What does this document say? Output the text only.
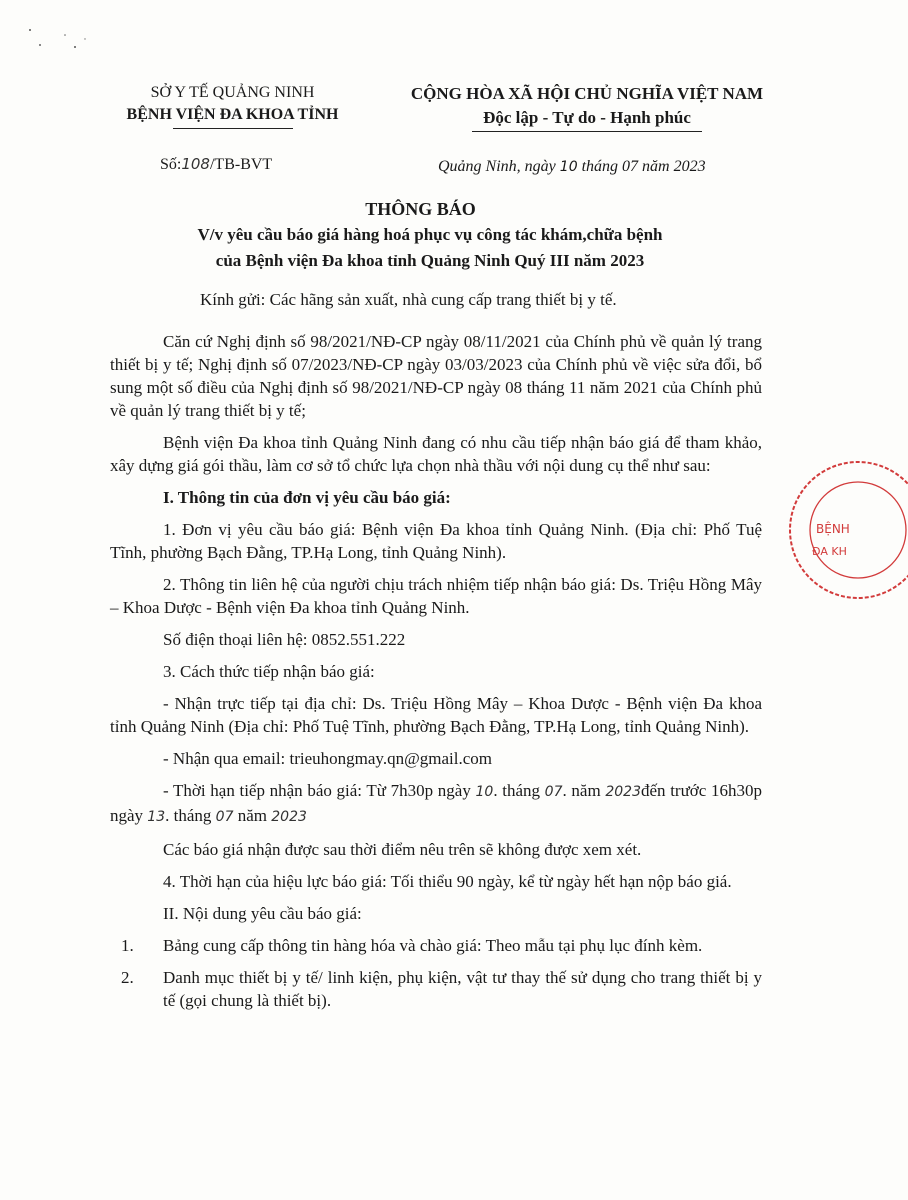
SỞ Y TẾ QUẢNG NINH
BỆNH VIỆN ĐA KHOA TỈNH
CỘNG HÒA XÃ HỘI CHỦ NGHĨA VIỆT NAM
Độc lập - Tự do - Hạnh phúc
Số:108/TB-BVT	Quảng Ninh, ngày 10 tháng 07 năm 2023
THÔNG BÁO
V/v yêu cầu báo giá hàng hoá phục vụ công tác khám,chữa bệnh
của Bệnh viện Đa khoa tỉnh Quảng Ninh Quý III năm 2023
Kính gửi: Các hãng sản xuất, nhà cung cấp trang thiết bị y tế.

Căn cứ Nghị định số 98/2021/NĐ-CP ngày 08/11/2021 của Chính phủ về quản lý trang thiết bị y tế; Nghị định số 07/2023/NĐ-CP ngày 03/03/2023 của Chính phủ về việc sửa đổi, bổ sung một số điều của Nghị định số 98/2021/NĐ-CP ngày 08 tháng 11 năm 2021 của Chính phủ về quản lý trang thiết bị y tế;

Bệnh viện Đa khoa tỉnh Quảng Ninh đang có nhu cầu tiếp nhận báo giá để tham khảo, xây dựng giá gói thầu, làm cơ sở tổ chức lựa chọn nhà thầu với nội dung cụ thể như sau:

I. Thông tin của đơn vị yêu cầu báo giá:

1. Đơn vị yêu cầu báo giá: Bệnh viện Đa khoa tỉnh Quảng Ninh. (Địa chỉ: Phố Tuệ Tĩnh, phường Bạch Đằng, TP.Hạ Long, tỉnh Quảng Ninh).

2. Thông tin liên hệ của người chịu trách nhiệm tiếp nhận báo giá: Ds. Triệu Hồng Mây – Khoa Dược - Bệnh viện Đa khoa tỉnh Quảng Ninh.

Số điện thoại liên hệ: 0852.551.222

3. Cách thức tiếp nhận báo giá:

- Nhận trực tiếp tại địa chỉ: Ds. Triệu Hồng Mây – Khoa Dược - Bệnh viện Đa khoa tỉnh Quảng Ninh (Địa chỉ: Phố Tuệ Tĩnh, phường Bạch Đằng, TP.Hạ Long, tỉnh Quảng Ninh).

- Nhận qua email: trieuhongmay.qn@gmail.com

- Thời hạn tiếp nhận báo giá: Từ 7h30p ngày 10. tháng 07. năm 2023đến trước 16h30p ngày 13. tháng 07 năm 2023

Các báo giá nhận được sau thời điểm nêu trên sẽ không được xem xét.

4. Thời hạn của hiệu lực báo giá: Tối thiểu 90 ngày, kể từ ngày hết hạn nộp báo giá.

II. Nội dung yêu cầu báo giá:

1. Bảng cung cấp thông tin hàng hóa và chào giá: Theo mẫu tại phụ lục đính kèm.
2. Danh mục thiết bị y tế/ linh kiện, phụ kiện, vật tư thay thế sử dụng cho trang thiết bị y tế (gọi chung là thiết bị).
BỆNH
ĐA KH
